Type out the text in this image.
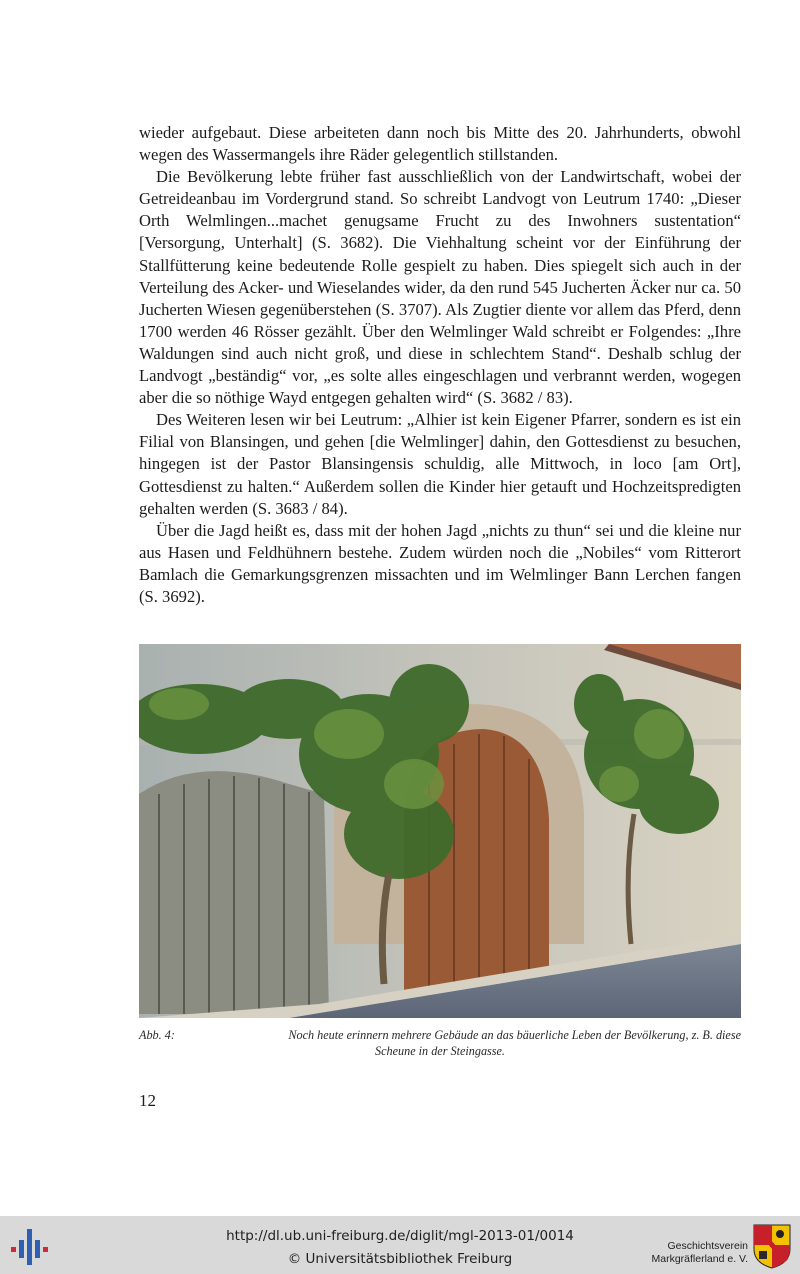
wieder aufgebaut. Diese arbeiteten dann noch bis Mitte des 20. Jahrhunderts, obwohl wegen des Wassermangels ihre Räder gelegentlich stillstanden.

Die Bevölkerung lebte früher fast ausschließlich von der Landwirtschaft, wobei der Getreideanbau im Vordergrund stand. So schreibt Landvogt von Leutrum 1740: „Dieser Orth Welmlingen...machet genugsame Frucht zu des Inwohners sustentation“ [Versorgung, Unterhalt] (S. 3682). Die Viehhaltung scheint vor der Einführung der Stallfütterung keine bedeutende Rolle gespielt zu haben. Dies spiegelt sich auch in der Verteilung des Acker- und Wieselandes wider, da den rund 545 Jucherten Äcker nur ca. 50 Jucherten Wiesen gegenüberstehen (S. 3707). Als Zugtier diente vor allem das Pferd, denn 1700 werden 46 Rösser gezählt. Über den Welmlinger Wald schreibt er Folgendes: „Ihre Waldungen sind auch nicht groß, und diese in schlechtem Stand“. Deshalb schlug der Landvogt „beständig“ vor, „es solte alles eingeschlagen und verbrannt werden, wogegen aber die so nöthige Wayd entgegen gehalten wird“ (S. 3682 / 83).

Des Weiteren lesen wir bei Leutrum: „Alhier ist kein Eigener Pfarrer, sondern es ist ein Filial von Blansingen, und gehen [die Welmlinger] dahin, den Gottesdienst zu besuchen, hingegen ist der Pastor Blansingensis schuldig, alle Mittwoch, in loco [am Ort], Gottesdienst zu halten.“ Außerdem sollen die Kinder hier getauft und Hochzeitspredigten gehalten werden (S. 3683 / 84).

Über die Jagd heißt es, dass mit der hohen Jagd „nichts zu thun“ sei und die kleine nur aus Hasen und Feldhühnern bestehe. Zudem würden noch die „Nobiles“ vom Ritterort Bamlach die Gemarkungsgrenzen missachten und im Welmlinger Bann Lerchen fangen (S. 3692).

Abb. 4:	Noch heute erinnern mehrere Gebäude an das bäuerliche Leben der Bevölkerung, z. B. diese
Scheune in der Steingasse.
12
http://dl.ub.uni-freiburg.de/diglit/mgl-2013-01/0014
© Universitätsbibliothek Freiburg
Geschichtsverein
Markgräflerland e. V.
